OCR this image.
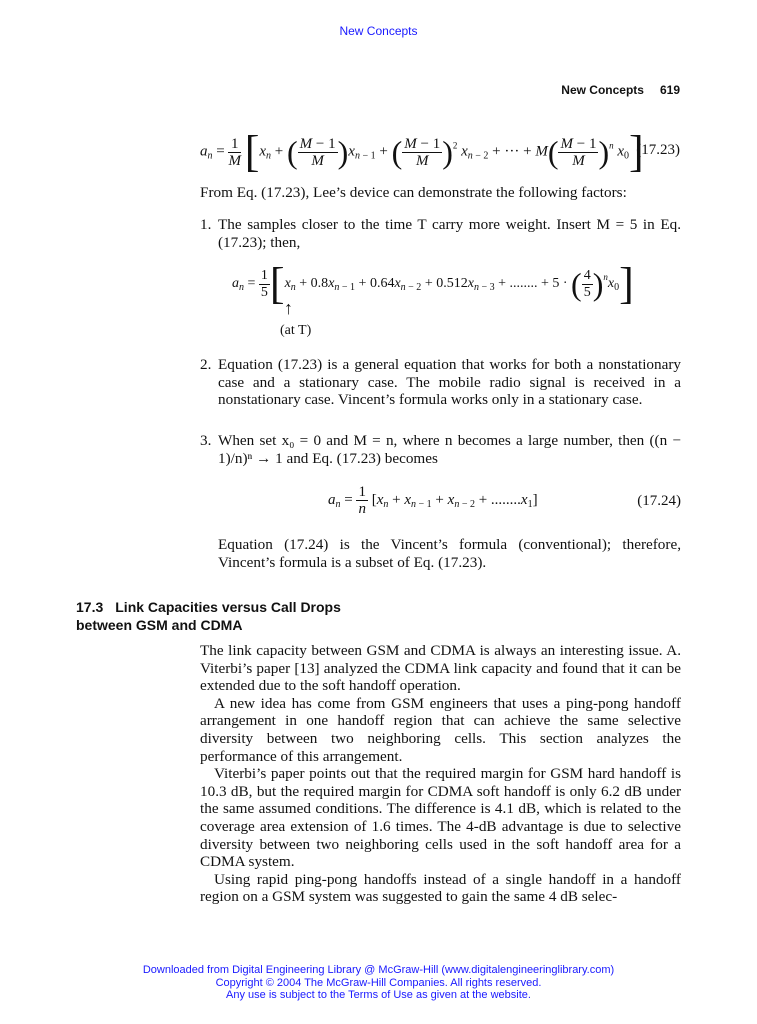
New Concepts
New Concepts 619
$a_n = \frac{1}{M} [x_n$ + ( $\frac{M - 1}{M} )x_{n - 1}$ + ( $\frac{M - 1}{M} )^2$ $x_{n - 2}$ + ··· + $M( \frac{M - 1}{M} )^n$ $x_0$]
(17.23)
From Eq. (17.23), Lee’s device can demonstrate the following factors:
1. The samples closer to the time T carry more weight. Insert M = 5 in Eq. (17.23); then,
$a_n = \frac{1}{5} [x_n + 0.8x_{n - 1} + 0.64x_{n - 2} + 0.512x_{n - 3}$ + ........ + 5 · ( $\frac{4}{5} )^nx_0$]
↑
(at T)
2. Equation (17.23) is a general equation that works for both a nonstationary case and a stationary case. The mobile radio signal is received in a nonstationary case. Vincent’s formula works only in a stationary case.
3. When set x₀ = 0 and M = n, where n becomes a large number, then ((n − 1)/n)ⁿ → 1 and Eq. (17.23) becomes
$a_n = \frac{1}{n} [x_n + x_{n - 1} + x_{n - 2} + ........x_1]$	(17.24)
Equation (17.24) is the Vincent’s formula (conventional); therefore, Vincent’s formula is a subset of Eq. (17.23).
17.3 Link Capacities versus Call Drops
between GSM and CDMA

The link capacity between GSM and CDMA is always an interesting issue. A. Viterbi’s paper [13] analyzed the CDMA link capacity and found that it can be extended due to the soft handoff operation.

A new idea has come from GSM engineers that uses a ping-pong handoff arrangement in one handoff region that can achieve the same selective diversity between two neighboring cells. This section analyzes the performance of this arrangement.

Viterbi’s paper points out that the required margin for GSM hard handoff is 10.3 dB, but the required margin for CDMA soft handoff is only 6.2 dB under the same assumed conditions. The difference is 4.1 dB, which is related to the coverage area extension of 1.6 times. The 4-dB advantage is due to selective diversity between two neighboring cells used in the soft handoff area for a CDMA system.

Using rapid ping-pong handoffs instead of a single handoff in a handoff region on a GSM system was suggested to gain the same 4 dB selec-

Downloaded from Digital Engineering Library @ McGraw-Hill (www.digitalengineeringlibrary.com)
Copyright © 2004 The McGraw-Hill Companies. All rights reserved.
Any use is subject to the Terms of Use as given at the website.
